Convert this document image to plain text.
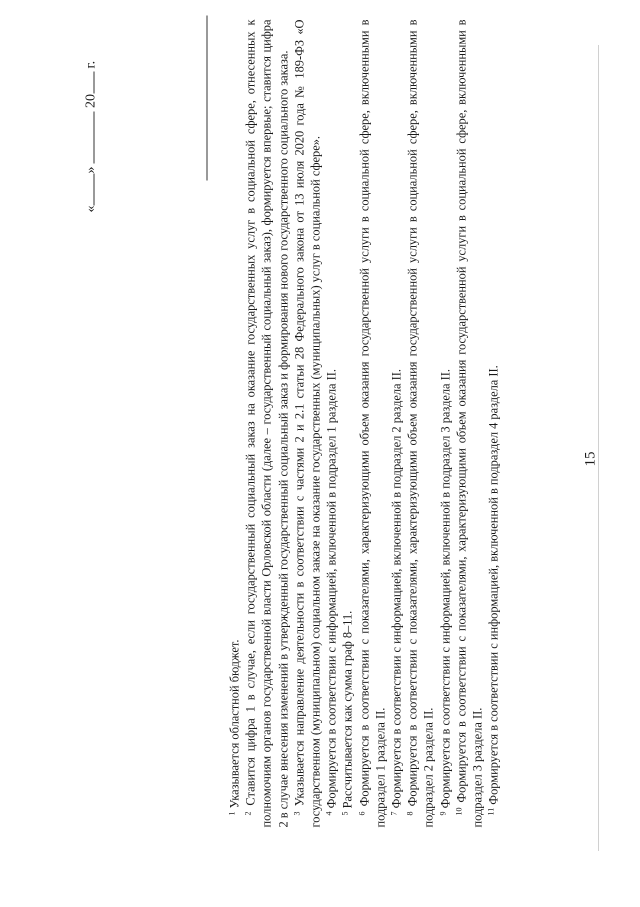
15
«» 20 г.

$^1$ Указывается областной бюджет.

$^2$ Ставится цифра 1 в случае, если государственный социальный заказ на оказание государственных услуг в социальной сфере, отнесенных к полномочиям органов государственной власти Орловской области (далее – государственный социальный заказ), формируется впервые; ставится цифра 2 в случае внесения изменений в утвержденный государственный социальный заказ и формирования нового государственного социального заказа. $^3$ Указывается направление деятельности в соответствии с частями 2 и 2.1 статьи 28 Федерального закона от 13 июля 2020 года № 189-ФЗ «О государственном (муниципальном) социальном заказе на оказание государственных (муниципальных) услуг в социальной сфере». $^4$ Формируется в соответствии с информацией, включенной в подраздел 1 раздела II.

$^5$ Рассчитывается как сумма граф 8–11.

$^6$ Формируется в соответствии с показателями, характеризующими объем оказания государственной услуги в социальной сфере, включенными в подраздел 1 раздела II. $^7$ Формируется в соответствии с информацией, включенной в подраздел 2 раздела II.

$^8$ Формируется в соответствии с показателями, характеризующими объем оказания государственной услуги в социальной сфере, включенными в подраздел 2 раздела II. $^9$ Формируется в соответствии с информацией, включенной в подраздел 3 раздела II.

$^{10}$ Формируется в соответствии с показателями, характеризующими объем оказания государственной услуги в социальной сфере, включенными в подраздел 3 раздела II. $^{11}$ Формируется в соответствии с информацией, включенной в подраздел 4 раздела II.
